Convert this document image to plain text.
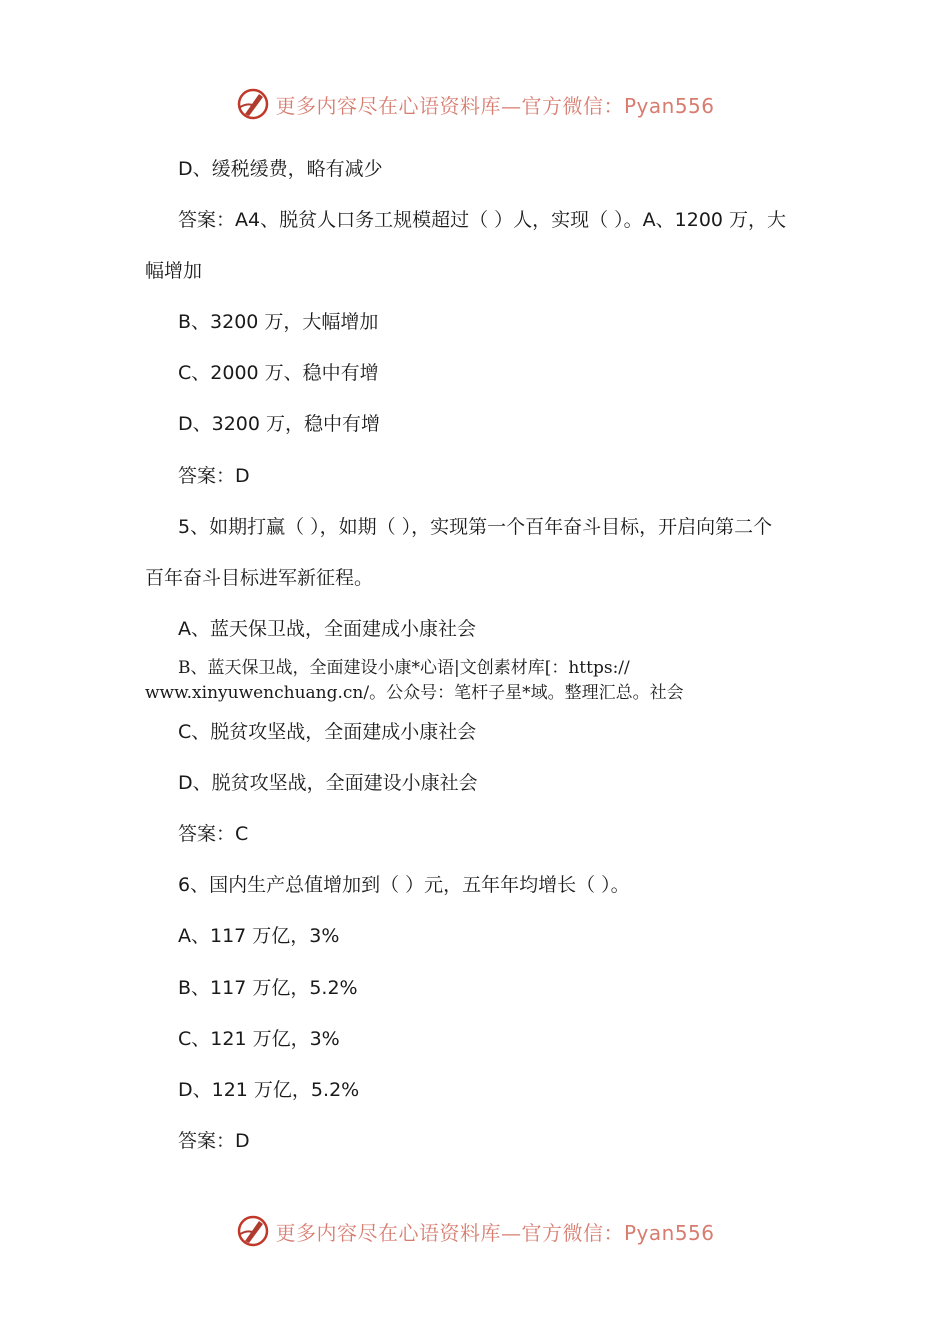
更多内容尽在心语资料库—官方微信：Pyan556
D、缓税缓费，略有减少
答案：A4、脱贫人口务工规模超过（ ）人，实现（ ）。A、1200 万，大
幅增加
B、3200 万，大幅增加
C、2000 万、稳中有增
D、3200 万，稳中有增
答案：D
5、如期打赢（ ），如期（ ），实现第一个百年奋斗目标，开启向第二个
百年奋斗目标进军新征程。
A、蓝天保卫战，全面建成小康社会
B、蓝天保卫战，全面建设小康*心语|文创素材库[：https://
www.xinyuwenchuang.cn/。公众号：笔杆子星*域。整理汇总。社会
C、脱贫攻坚战，全面建成小康社会
D、脱贫攻坚战，全面建设小康社会
答案：C
6、国内生产总值增加到（ ）元，五年年均增长（ ）。
A、117 万亿，3%
B、117 万亿，5.2%
C、121 万亿，3%
D、121 万亿，5.2%
答案：D
更多内容尽在心语资料库—官方微信：Pyan556
